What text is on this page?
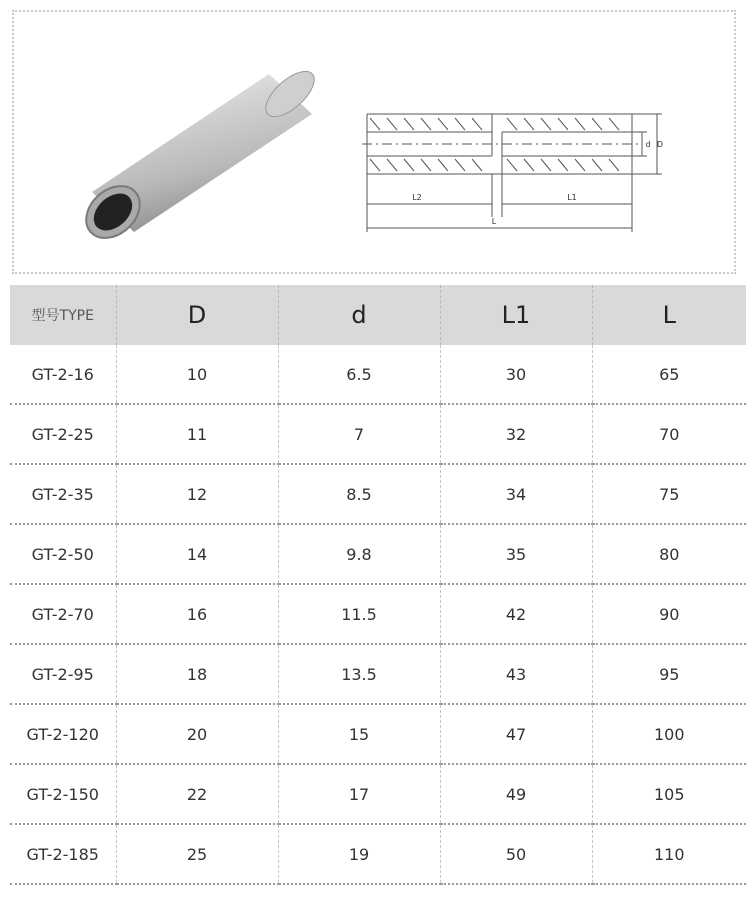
d D
L2	L1
L
型号TYPE	D	d	L1	L
GT-2-16	10	6.5	30	65
GT-2-25	11	7	32	70
GT-2-35	12	8.5	34	75
GT-2-50	14	9.8	35	80
GT-2-70	16	11.5	42	90
GT-2-95	18	13.5	43	95
GT-2-120	20	15	47	100
GT-2-150	22	17	49	105
GT-2-185	25	19	50	110
